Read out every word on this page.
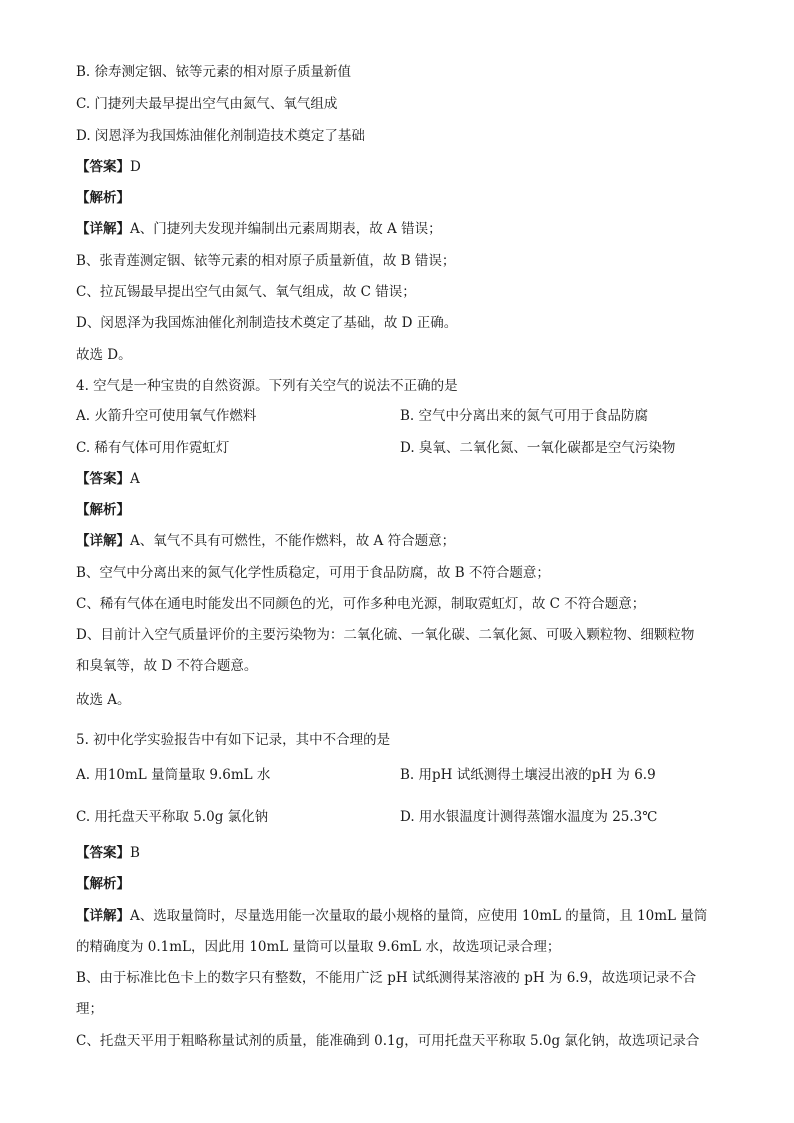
B. 徐寿测定铟、铱等元素的相对原子质量新值
C. 门捷列夫最早提出空气由氮气、氧气组成
D. 闵恩泽为我国炼油催化剂制造技术奠定了基础
【答案】D
【解析】
【详解】A、门捷列夫发现并编制出元素周期表，故 A 错误；
B、张青莲测定铟、铱等元素的相对原子质量新值，故 B 错误；
C、拉瓦锡最早提出空气由氮气、氧气组成，故 C 错误；
D、闵恩泽为我国炼油催化剂制造技术奠定了基础，故 D 正确。
故选 D。
4. 空气是一种宝贵的自然资源。下列有关空气的说法不正确的是
A. 火箭升空可使用氧气作燃料	B. 空气中分离出来的氮气可用于食品防腐
C. 稀有气体可用作霓虹灯	D. 臭氧、二氧化氮、一氧化碳都是空气污染物
【答案】A
【解析】
【详解】A、氧气不具有可燃性，不能作燃料，故 A 符合题意；
B、空气中分离出来的氮气化学性质稳定，可用于食品防腐，故 B 不符合题意；
C、稀有气体在通电时能发出不同颜色的光，可作多种电光源，制取霓虹灯，故 C 不符合题意；
D、目前计入空气质量评价的主要污染物为：二氧化硫、一氧化碳、二氧化氮、可吸入颗粒物、细颗粒物
和臭氧等，故 D 不符合题意。
故选 A。
5. 初中化学实验报告中有如下记录，其中不合理的是
A. 用10mL 量筒量取 9.6mL 水	B. 用pH 试纸测得土壤浸出液的pH 为 6.9
C. 用托盘天平称取 5.0g 氯化钠	D. 用水银温度计测得蒸馏水温度为 25.3℃
【答案】B
【解析】
【详解】A、选取量筒时，尽量选用能一次量取的最小规格的量筒，应使用 10mL 的量筒，且 10mL 量筒
的精确度为 0.1mL，因此用 10mL 量筒可以量取 9.6mL 水，故选项记录合理；
B、由于标准比色卡上的数字只有整数，不能用广泛 pH 试纸测得某溶液的 pH 为 6.9，故选项记录不合
理；
C、托盘天平用于粗略称量试剂的质量，能准确到 0.1g，可用托盘天平称取 5.0g 氯化钠，故选项记录合
